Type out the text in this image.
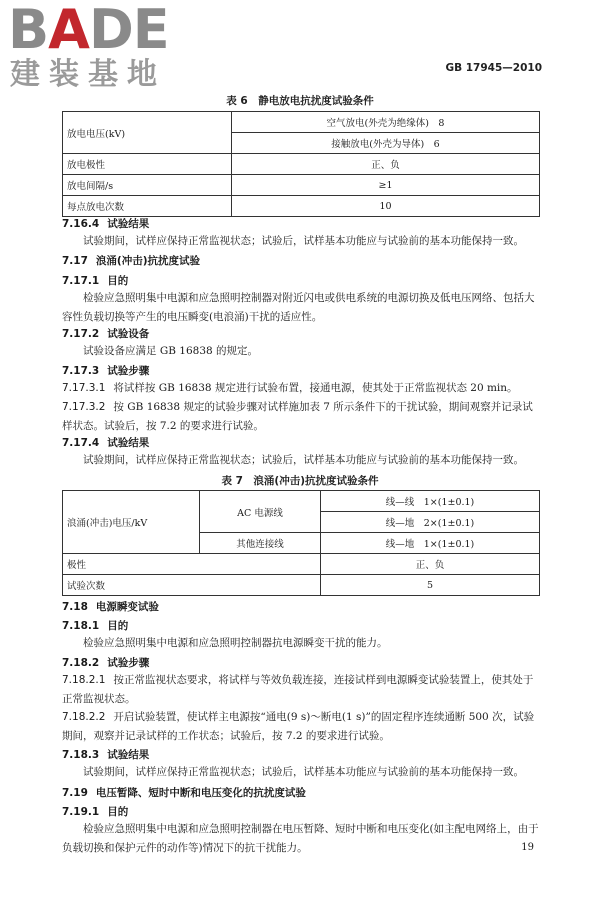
BADE
建装基地	GB 17945—2010
表 6　静电放电抗扰度试验条件
放电电压(kV)	空气放电(外壳为绝缘体)　8
	接触放电(外壳为导体)　6
放电极性	正、负
放电间隔/s	≥1
每点放电次数	10
7.16.4 试验结果
试验期间，试样应保持正常监视状态；试验后，试样基本功能应与试验前的基本功能保持一致。
7.17 浪涌(冲击)抗扰度试验
7.17.1 目的
检验应急照明集中电源和应急照明控制器对附近闪电或供电系统的电源切换及低电压网络、包括大容性负载切换等产生的电压瞬变(电浪涌)干扰的适应性。
7.17.2 试验设备
试验设备应满足 GB 16838 的规定。
7.17.3 试验步骤
7.17.3.1 将试样按 GB 16838 规定进行试验布置，接通电源，使其处于正常监视状态 20 min。
7.17.3.2 按 GB 16838 规定的试验步骤对试样施加表 7 所示条件下的干扰试验，期间观察并记录试样状态。试验后，按 7.2 的要求进行试验。
7.17.4 试验结果
试验期间，试样应保持正常监视状态；试验后，试样基本功能应与试验前的基本功能保持一致。
表 7　浪涌(冲击)抗扰度试验条件
浪涌(冲击)电压/kV	AC 电源线	线—线　1×(1±0.1)
		线—地　2×(1±0.1)
	其他连接线	线—地　1×(1±0.1)
极性		正、负
试验次数		5
7.18 电源瞬变试验
7.18.1 目的
检验应急照明集中电源和应急照明控制器抗电源瞬变干扰的能力。
7.18.2 试验步骤
7.18.2.1 按正常监视状态要求，将试样与等效负载连接，连接试样到电源瞬变试验装置上，使其处于正常监视状态。
7.18.2.2 开启试验装置，使试样主电源按“通电(9 s)～断电(1 s)”的固定程序连续通断 500 次，试验期间，观察并记录试样的工作状态；试验后，按 7.2 的要求进行试验。
7.18.3 试验结果
试验期间，试样应保持正常监视状态；试验后，试样基本功能应与试验前的基本功能保持一致。
7.19 电压暂降、短时中断和电压变化的抗扰度试验
7.19.1 目的
检验应急照明集中电源和应急照明控制器在电压暂降、短时中断和电压变化(如主配电网络上，由于负载切换和保护元件的动作等)情况下的抗干扰能力。	19
